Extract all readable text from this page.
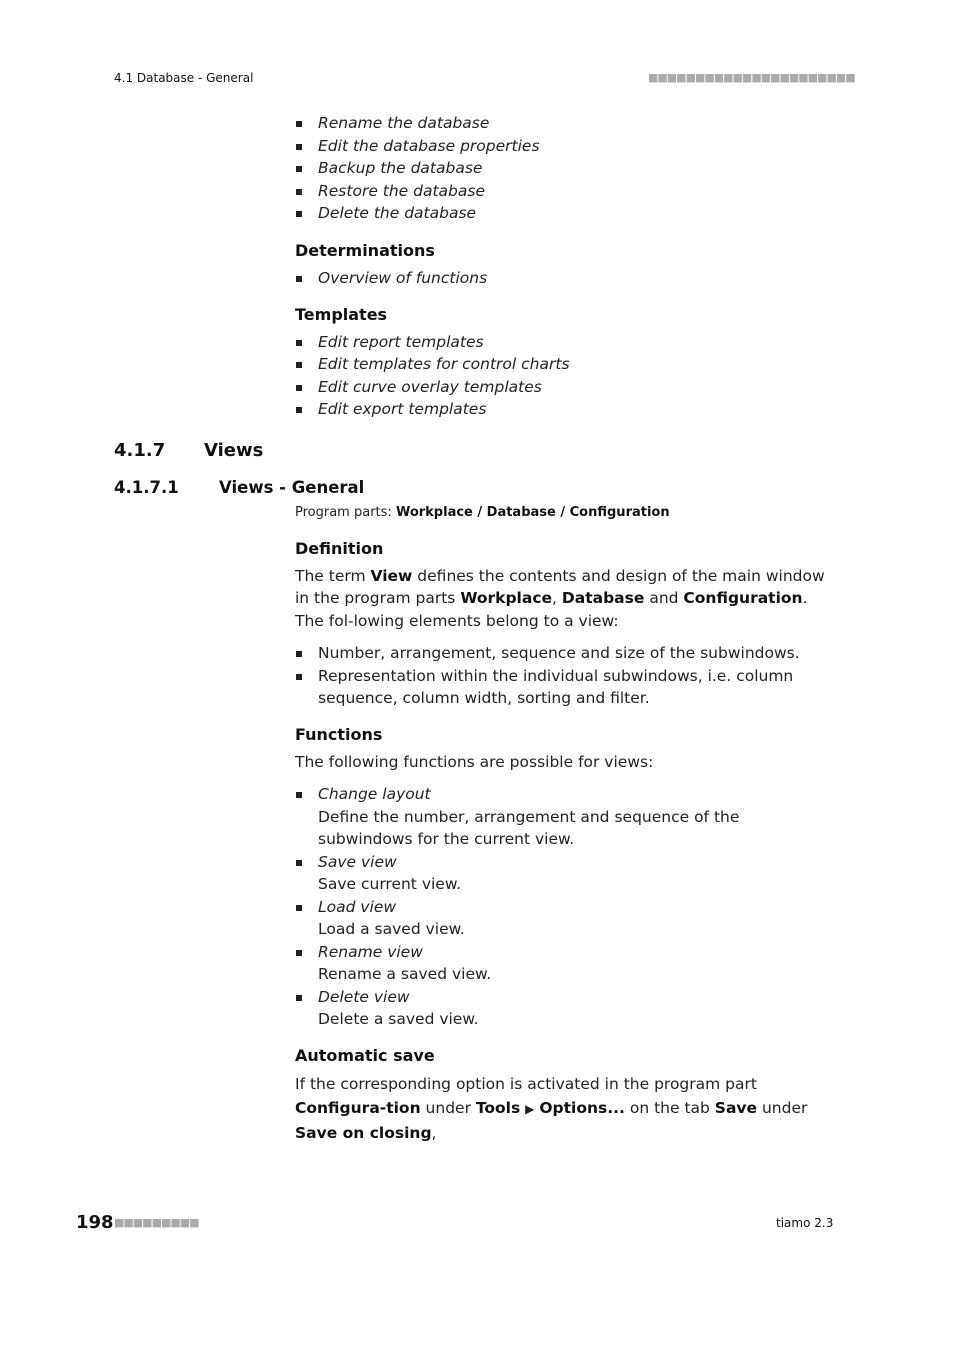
4.1 Database - General	■■■■■■■■■■■■■■■■■■■■■■
Rename the database
Edit the database properties
Backup the database
Restore the database
Delete the database
Determinations
Overview of functions
Templates
Edit report templates
Edit templates for control charts
Edit curve overlay templates
Edit export templates
4.1.7 Views
4.1.7.1 Views - General
Program parts: Workplace / Database / Configuration
Definition

The term View defines the contents and design of the main window in the program parts Workplace, Database and Configuration. The fol-lowing elements belong to a view:

Number, arrangement, sequence and size of the subwindows.
Representation within the individual subwindows, i.e. column sequence, column width, sorting and filter.
Functions

The following functions are possible for views:

Change layout
Define the number, arrangement and sequence of the subwindows for the current view.
Save view
Save current view.
Load view
Load a saved view.
Rename view
Rename a saved view.
Delete view
Delete a saved view.
Automatic save

If the corresponding option is activated in the program part Configura-tion under Tools ▶ Options... on the tab Save under Save on closing,

198 ■■■■■■■■■	tiamo 2.3
